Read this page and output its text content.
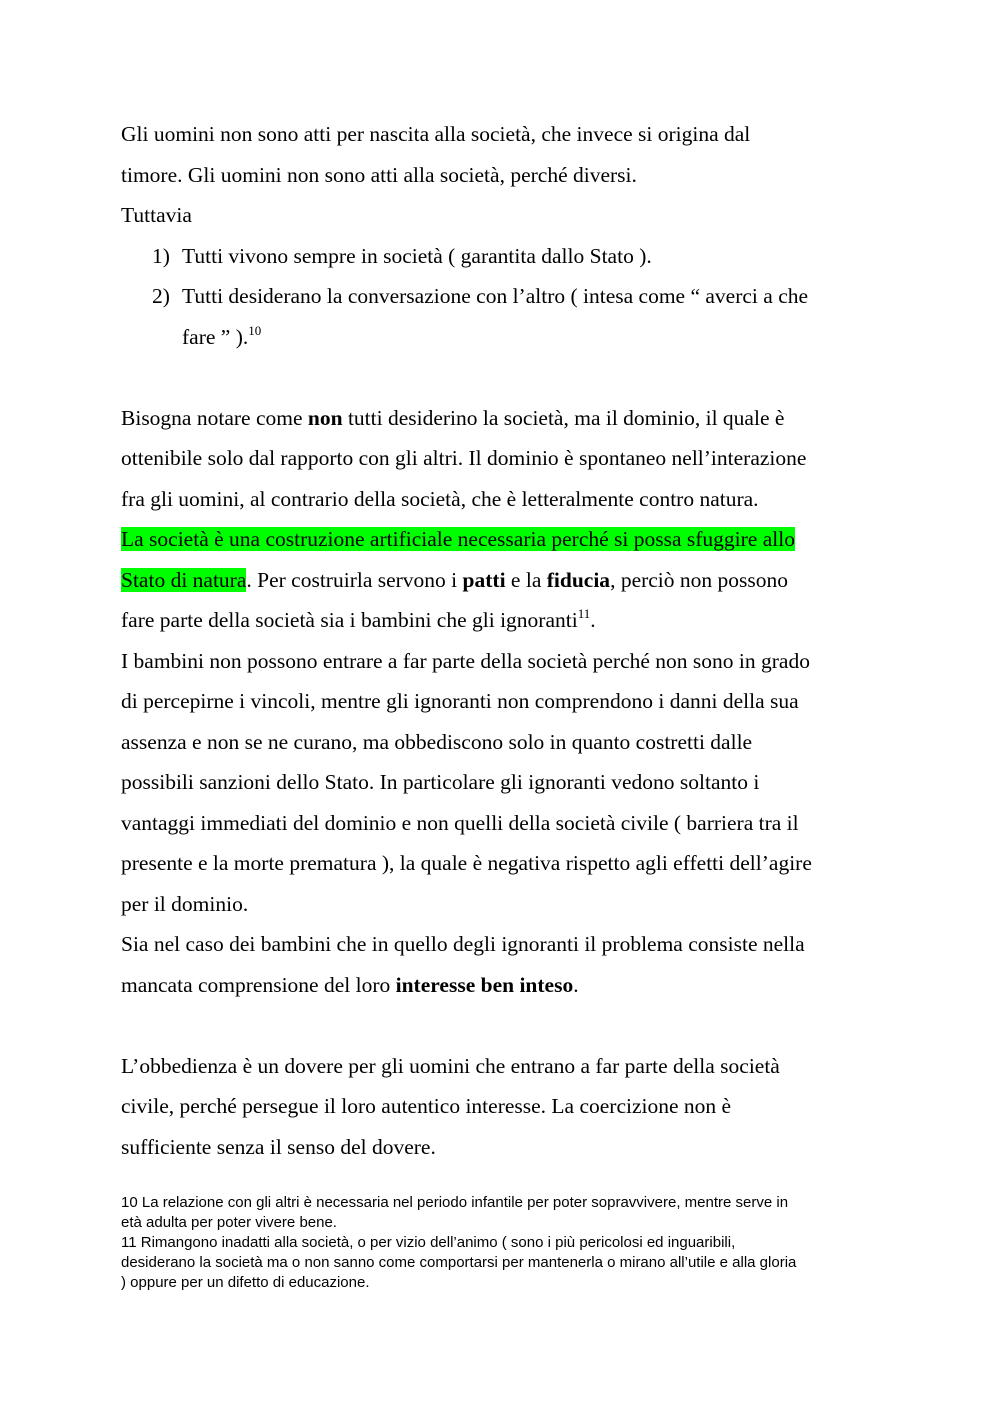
Gli uomini non sono atti per nascita alla società, che invece si origina dal
timore. Gli uomini non sono atti alla società, perché diversi.
Tuttavia
1) Tutti vivono sempre in società ( garantita dallo Stato ).
2) Tutti desiderano la conversazione con l’altro ( intesa come “ averci a che
fare ” ).$^{10}$
Bisogna notare come non tutti desiderino la società, ma il dominio, il quale è
ottenibile solo dal rapporto con gli altri. Il dominio è spontaneo nell’interazione
fra gli uomini, al contrario della società, che è letteralmente contro natura.
La società è una costruzione artificiale necessaria perché si possa sfuggire allo
Stato di natura. Per costruirla servono i patti e la fiducia, perciò non possono
fare parte della società sia i bambini che gli ignoranti$^{11}$.
I bambini non possono entrare a far parte della società perché non sono in grado
di percepirne i vincoli, mentre gli ignoranti non comprendono i danni della sua
assenza e non se ne curano, ma obbediscono solo in quanto costretti dalle
possibili sanzioni dello Stato. In particolare gli ignoranti vedono soltanto i
vantaggi immediati del dominio e non quelli della società civile ( barriera tra il
presente e la morte prematura ), la quale è negativa rispetto agli effetti dell’agire
per il dominio.
Sia nel caso dei bambini che in quello degli ignoranti il problema consiste nella
mancata comprensione del loro interesse ben inteso.
L’obbedienza è un dovere per gli uomini che entrano a far parte della società
civile, perché persegue il loro autentico interesse. La coercizione non è
sufficiente senza il senso del dovere.
10 La relazione con gli altri è necessaria nel periodo infantile per poter sopravvivere, mentre serve in
età adulta per poter vivere bene.
11 Rimangono inadatti alla società, o per vizio dell’animo ( sono i più pericolosi ed inguaribili,
desiderano la società ma o non sanno come comportarsi per mantenerla o mirano all’utile e alla gloria
) oppure per un difetto di educazione.
